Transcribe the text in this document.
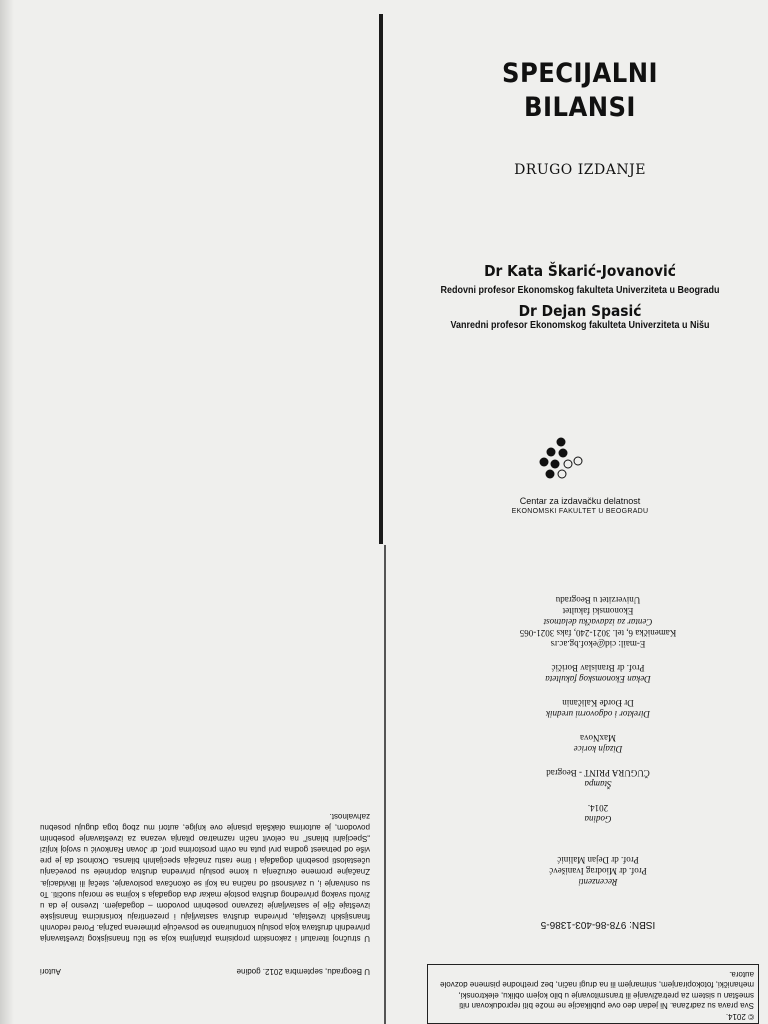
SPECIJALNI
BILANSI
DRUGO IZDANJE
Dr Kata Škarić-Jovanović
Redovni profesor Ekonomskog fakulteta Univerziteta u Beogradu
Dr Dejan Spasić
Vanredni profesor Ekonomskog fakulteta Univerziteta u Nišu
Centar za izdavačku delatnost
EKONOMSKI FAKULTET U BEOGRADU
© 2014.
Sva prava su zadržana. Ni jedan deo ove publikacije ne može biti reprodukovan niti smeštan u sistem za pretraživanje ili transmitovanje u bilo kojem obliku, elektronski, mehanički, fotokopiranjem, snimanjem ili na drugi način, bez prethodne pismene dozvole autora.
ISBN: 978-86-403-1386-5
Recenzenti
Prof. dr Miodrag Ivaniševć
Prof. dr Dejan Malinić
Godina
2014.
Štampa
ČUGURA PRINT - Beograd
Dizajn korice
MaxNova
Direktor i odgovorni urednik
Dr Đorđe Kaličanin
Dekan Ekonomskog fakulteta
Prof. dr Branislav Boričić
E-mail: cid@ekof.bg.ac.rs
Kamenička 6, tel. 3021-240, faks 3021-065
Centar za izdavačku delatnost
Ekonomski fakultet
Univerzitet u Beogradu
U Beogradu, septembra 2012. godine
Autori
U stručnoj literaturi i zakonskim propisima pitanjima koja se tiču finansijskog izveštavanja privrednih društava koja posluju kontinuirano se posvećuje primerena pažnja. Pored redovnih finansijskih izveštaja, privredna društva sastavljaju i prezentiraju korisnicima finansijske izveštaje čije je sastavljanje izazvano posebnim povodom – događajem. Izvesno je da u životu svakog privrednog društva postoje makar dva događaja s kojima se moraju suočiti. To su osnivanje i, u zavisnosti od načina na koji se okončava poslovanje, stečaj ili likvidacija. Značajne promene okruženja u kome posluju privredna društva doprinele su povećanju učestalosti posebnih događaja i time rastu značaja specijalnih bilansa. Okolnost da je pre više od petnaest godina prvi puta na ovim prostorima prof. dr Jovan Ranković u svojoj knjizi „Specijalni bilansi” na celovit način razmatrao pitanja vezana za izveštavanje posebnim povodom, je autorima olakšala pisanje ove knjige, autori mu zbog toga duguju posebnu zahvalnost.
